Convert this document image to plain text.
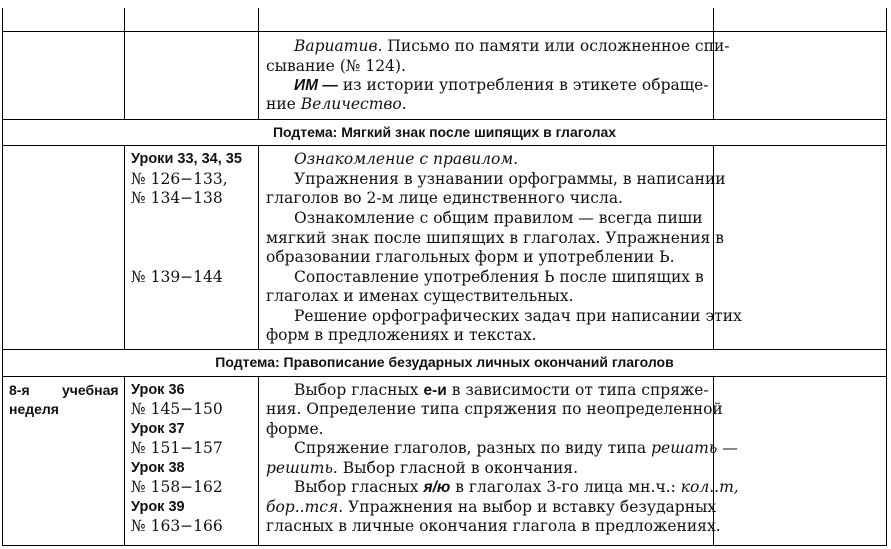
Вариатив. Письмо по памяти или осложненное спи-
сывание (№ 124).
ИМ — из истории употребления в этикете обраще-
ние Величество.
Подтема: Мягкий знак после шипящих в глаголах
Уроки 33, 34, 35
№ 126−133,
№ 134−138
№ 139−144
Ознакомление с правилом.
Упражнения в узнавании орфограммы, в написании
глаголов во 2-м лице единственного числа.
Ознакомление с общим правилом — всегда пиши
мягкий знак после шипящих в глаголах. Упражнения в
образовании глагольных форм и употреблении Ь.
Сопоставление употребления Ь после шипящих в
глаголах и именах существительных.
Решение орфографических задач при написании этих
форм в предложениях и текстах.
Подтема: Правописание безударных личных окончаний глаголов
8-я учебная
неделя
Урок 36
№ 145−150
Урок 37
№ 151−157
Урок 38
№ 158−162
Урок 39
№ 163−166
Выбор гласных е-и в зависимости от типа спряже-
ния. Определение типа спряжения по неопределенной
форме.
Спряжение глаголов, разных по виду типа решать —
решить. Выбор гласной в окончания.
Выбор гласных я/ю в глаголах 3-го лица мн.ч.: кол..т,
бор..тся. Упражнения на выбор и вставку безударных
гласных в личные окончания глагола в предложениях.
